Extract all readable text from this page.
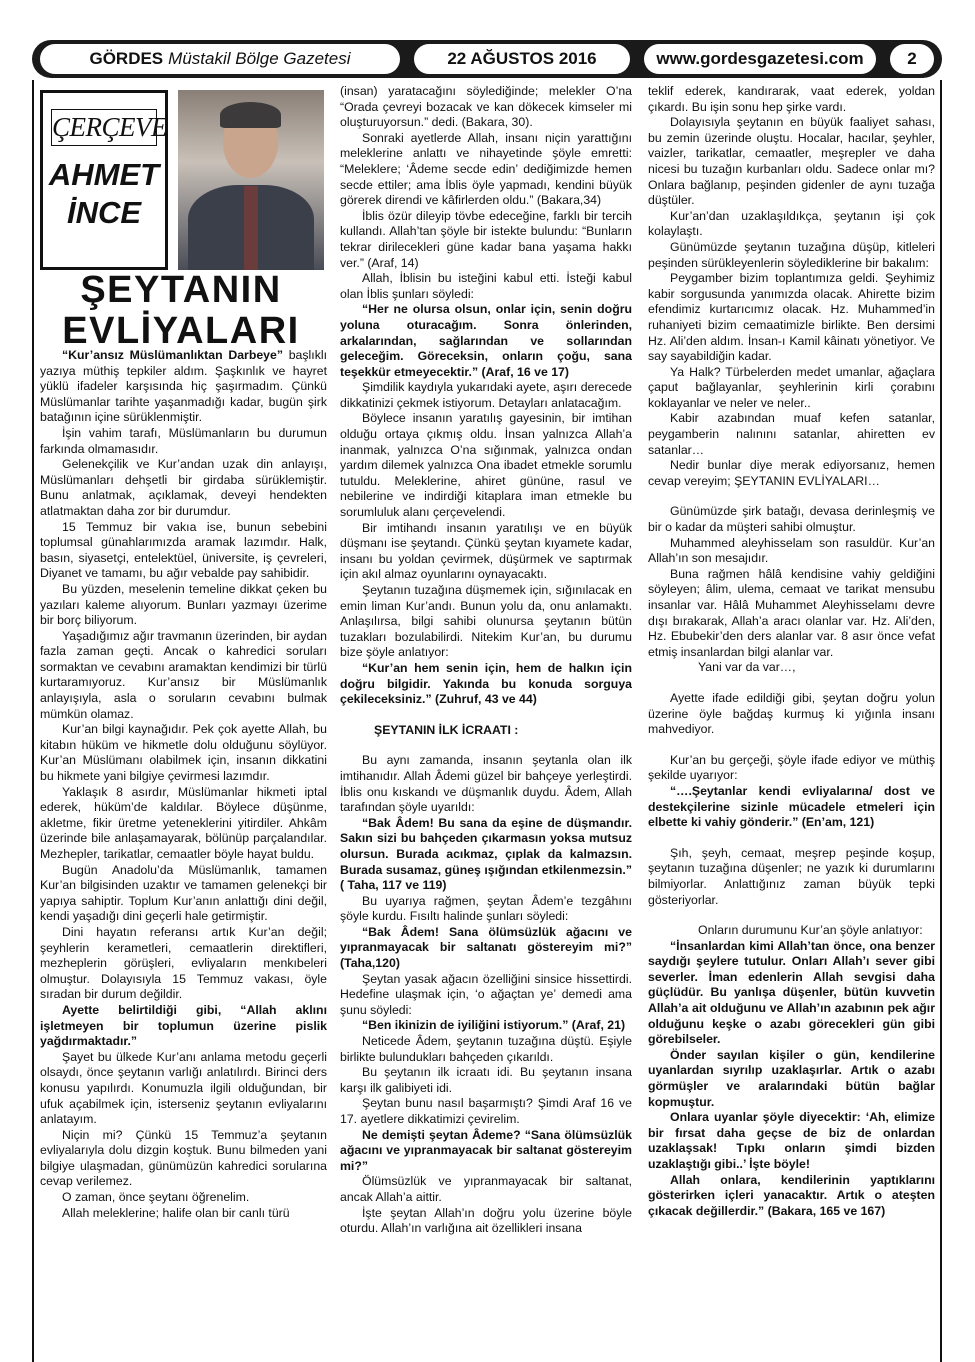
GÖRDES Müstakil Bölge Gazetesi	22 AĞUSTOS 2016	www.gordesgazetesi.com	2
ÇERÇEVE
AHMET
İNCE
ŞEYTANIN
EVLİYALARI

“Kur’ansız Müslümanlıktan Darbeye” başlıklı yazıya müthiş tepkiler aldım. Şaşkınlık ve hayret yüklü ifadeler karşısında hiç şaşırmadım. Çünkü Müslümanlar tarihte yaşanmadığı kadar, bugün şirk batağının içine sürüklenmiştir.

İşin vahim tarafı, Müslümanların bu durumun farkında olmamasıdır.

Gelenekçilik ve Kur’andan uzak din anlayışı, Müslümanları dehşetli bir girdaba sürüklemiştir. Bunu anlatmak, açıklamak, deveyi hendekten atlatmaktan daha zor bir durumdur.

15 Temmuz bir vakıa ise, bunun sebebini toplumsal günahlarımızda aramak lazımdır. Halk, basın, siyasetçi, entelektüel, üniversite, iş çevreleri, Diyanet ve tamamı, bu ağır vebalde pay sahibidir.

Bu yüzden, meselenin temeline dikkat çeken bu yazıları kaleme alıyorum. Bunları yazmayı üzerime bir borç biliyorum.

Yaşadığımız ağır travmanın üzerinden, bir aydan fazla zaman geçti. Ancak o kahredici soruları sormaktan ve cevabını aramaktan kendimizi bir türlü kurtaramıyoruz. Kur’ansız bir Müslümanlık anlayışıyla, asla o soruların cevabını bulmak mümkün olamaz.

Kur’an bilgi kaynağıdır. Pek çok ayette Allah, bu kitabın hüküm ve hikmetle dolu olduğunu söylüyor. Kur’an Müslümanı olabilmek için, insanın dikkatini bu hikmete yani bilgiye çevirmesi lazımdır.

Yaklaşık 8 asırdır, Müslümanlar hikmeti iptal ederek, hüküm’de kaldılar. Böylece düşünme, akletme, fikir üretme yeteneklerini yitirdiler. Ahkâm üzerinde bile anlaşamayarak, bölünüp parçalandılar. Mezhepler, tarikatlar, cemaatler böyle hayat buldu.

Bugün Anadolu’da Müslümanlık, tamamen Kur’an bilgisinden uzaktır ve tamamen gelenekçi bir yapıya sahiptir. Toplum Kur’anın anlattığı dini değil, kendi yaşadığı dini geçerli hale getirmiştir.

Dini hayatın referansı artık Kur’an değil; şeyhlerin kerametleri, cemaatlerin direktifleri, mezheplerin görüşleri, evliyaların menkıbeleri olmuştur. Dolayısıyla 15 Temmuz vakası, öyle sıradan bir durum değildir.

Ayette belirtildiği gibi, “Allah aklını işletmeyen bir toplumun üzerine pislik yağdırmaktadır.”

Şayet bu ülkede Kur’anı anlama metodu geçerli olsaydı, önce şeytanın varlığı anlatılırdı. Birinci ders konusu yapılırdı. Konumuzla ilgili olduğundan, bir ufuk açabilmek için, isterseniz şeytanın evliyalarını anlatayım.

Niçin mi? Çünkü 15 Temmuz’a şeytanın evliyalarıyla dolu dizgin koştuk. Bunu bilmeden yani bilgiye ulaşmadan, günümüzün kahredici sorularına cevap verilemez.

O zaman, önce şeytanı öğrenelim.

Allah meleklerine; halife olan bir canlı türü

(insan) yaratacağını söylediğinde; melekler O’na “Orada çevreyi bozacak ve kan dökecek kimseler mi oluşturuyorsun.” dedi. (Bakara, 30).

Sonraki ayetlerde Allah, insanı niçin yarattığını meleklerine anlattı ve nihayetinde şöyle emretti: “Meleklere; ‘Âdeme secde edin’ dediğimizde hemen secde ettiler; ama İblis öyle yapmadı, kendini büyük görerek direndi ve kâfirlerden oldu.” (Bakara,34)

İblis özür dileyip tövbe edeceğine, farklı bir tercih kullandı. Allah’tan şöyle bir istekte bulundu: “Bunların tekrar dirilecekleri güne kadar bana yaşama hakkı ver.” (Araf, 14)

Allah, İblisin bu isteğini kabul etti. İsteği kabul olan İblis şunları söyledi:

“Her ne olursa olsun, onlar için, senin doğru yoluna oturacağım. Sonra önlerinden, arkalarından, sağlarından ve sollarından geleceğim. Göreceksin, onların çoğu, sana teşekkür etmeyecektir.” (Araf, 16 ve 17)

Şimdilik kaydıyla yukarıdaki ayete, aşırı derecede dikkatinizi çekmek istiyorum. Detayları anlatacağım.

Böylece insanın yaratılış gayesinin, bir imtihan olduğu ortaya çıkmış oldu. İnsan yalnızca Allah’a inanmak, yalnızca O’na sığınmak, yalnızca ondan yardım dilemek yalnızca Ona ibadet etmekle sorumlu tutuldu. Meleklerine, ahiret gününe, rasul ve nebilerine ve indirdiği kitaplara iman etmekle bu sorumluluk alanı çerçevelendi.

Bir imtihandı insanın yaratılışı ve en büyük düşmanı ise şeytandı. Çünkü şeytan kıyamete kadar, insanı bu yoldan çevirmek, düşürmek ve saptırmak için akıl almaz oyunlarını oynayacaktı.

Şeytanın tuzağına düşmemek için, sığınılacak en emin liman Kur’andı. Bunun yolu da, onu anlamaktı. Anlaşılırsa, bilgi sahibi olunursa şeytanın bütün tuzakları bozulabilirdi. Nitekim Kur’an, bu durumu bize şöyle anlatıyor:

“Kur’an hem senin için, hem de halkın için doğru bilgidir. Yakında bu konuda sorguya çekileceksiniz.” (Zuhruf, 43 ve 44)

ŞEYTANIN İLK İCRAATI :

Bu aynı zamanda, insanın şeytanla olan ilk imtihanıdır. Allah Âdemi güzel bir bahçeye yerleştirdi. İblis onu kıskandı ve düşmanlık duydu. Âdem, Allah tarafından şöyle uyarıldı:

“Bak Âdem! Bu sana da eşine de düşmandır. Sakın sizi bu bahçeden çıkarmasın yoksa mutsuz olursun. Burada acıkmaz, çıplak da kalmazsın. Burada susamaz, güneş ışığından etkilenmezsin.” ( Taha, 117 ve 119)

Bu uyarıya rağmen, şeytan Âdem’e tezgâhını şöyle kurdu. Fısıltı halinde şunları söyledi:

“Bak Âdem! Sana ölümsüzlük ağacını ve yıpranmayacak bir saltanatı göstereyim mi?” (Taha,120)

Şeytan yasak ağacın özelliğini sinsice hissettirdi. Hedefine ulaşmak için, ‘o ağaçtan ye’ demedi ama şunu söyledi:

“Ben ikinizin de iyiliğini istiyorum.” (Araf, 21)

Neticede Âdem, şeytanın tuzağına düştü. Eşiyle birlikte bulundukları bahçeden çıkarıldı.

Bu şeytanın ilk icraatı idi. Bu şeytanın insana karşı ilk galibiyeti idi.

Şeytan bunu nasıl başarmıştı? Şimdi Araf 16 ve 17. ayetlere dikkatimizi çevirelim.

Ne demişti şeytan Âdeme? “Sana ölümsüzlük ağacını ve yıpranmayacak bir saltanat göstereyim mi?”

Ölümsüzlük ve yıpranmayacak bir saltanat, ancak Allah’a aittir.

İşte şeytan Allah’ın doğru yolu üzerine böyle oturdu. Allah’ın varlığına ait özellikleri insana

teklif ederek, kandırarak, vaat ederek, yoldan çıkardı. Bu işin sonu hep şirke vardı.

Dolayısıyla şeytanın en büyük faaliyet sahası, bu zemin üzerinde oluştu. Hocalar, hacılar, şeyhler, vaizler, tarikatlar, cemaatler, meşrepler ve daha nicesi bu tuzağın kurbanları oldu. Sadece onlar mı? Onlara bağlanıp, peşinden gidenler de aynı tuzağa düştüler.

Kur’an’dan uzaklaşıldıkça, şeytanın işi çok kolaylaştı.

Günümüzde şeytanın tuzağına düşüp, kitleleri peşinden sürükleyenlerin söylediklerine bir bakalım:

Peygamber bizim toplantımıza geldi. Şeyhimiz kabir sorgusunda yanımızda olacak. Ahirette bizim efendimiz kurtarıcımız olacak. Hz. Muhammed’in ruhaniyeti bizim cemaatimizle birlikte. Ben dersimi Hz. Ali’den aldım. İnsan-ı Kamil kâinatı yönetiyor. Ve say sayabildiğin kadar.

Ya Halk? Türbelerden medet umanlar, ağaçlara çaput bağlayanlar, şeyhlerinin kirli çorabını koklayanlar ve neler ve neler..

Kabir azabından muaf kefen satanlar, peygamberin nalınını satanlar, ahiretten ev satanlar…

Nedir bunlar diye merak ediyorsanız, hemen cevap vereyim; ŞEYTANIN EVLİYALARI…

Günümüzde şirk batağı, devasa derinleşmiş ve bir o kadar da müşteri sahibi olmuştur.

Muhammed aleyhisselam son rasuldür. Kur’an Allah’ın son mesajıdır.

Buna rağmen hâlâ kendisine vahiy geldiğini söyleyen; âlim, ulema, cemaat ve tarikat mensubu insanlar var. Hâlâ Muhammet Aleyhisselamı devre dışı bırakarak, Allah’a aracı olanlar var. Hz. Ali’den, Hz. Ebubekir’den ders alanlar var. 8 asır önce vefat etmiş insanlardan bilgi alanlar var.

Yani var da var…,

Ayette ifade edildiği gibi, şeytan doğru yolun üzerine öyle bağdaş kurmuş ki yığınla insanı mahvediyor.

Kur’an bu gerçeği, şöyle ifade ediyor ve müthiş şekilde uyarıyor:

“….Şeytanlar kendi evliyalarına/ dost ve destekçilerine sizinle mücadele etmeleri için elbette ki vahiy gönderir.” (En’am, 121)

Şıh, şeyh, cemaat, meşrep peşinde koşup, şeytanın tuzağına düşenler; ne yazık ki durumlarını bilmiyorlar. Anlattığınız zaman büyük tepki gösteriyorlar.

Onların durumunu Kur’an şöyle anlatıyor:

“İnsanlardan kimi Allah’tan önce, ona benzer saydığı şeylere tutulur. Onları Allah’ı sever gibi severler. İman edenlerin Allah sevgisi daha güçlüdür. Bu yanlışa düşenler, bütün kuvvetin Allah’a ait olduğunu ve Allah’ın azabının pek ağır olduğunu keşke o azabı görecekleri gün gibi görebilseler.

Önder sayılan kişiler o gün, kendilerine uyanlardan sıyrılıp uzaklaşırlar. Artık o azabı görmüşler ve aralarındaki bütün bağlar kopmuştur.

Onlara uyanlar şöyle diyecektir: ‘Ah, elimize bir fırsat daha geçse de biz de onlardan uzaklaşsak! Tıpkı onların şimdi bizden uzaklaştığı gibi..’ İşte böyle!

Allah onlara, kendilerinin yaptıklarını gösterirken içleri yanacaktır. Artık o ateşten çıkacak değillerdir.” (Bakara, 165 ve 167)
